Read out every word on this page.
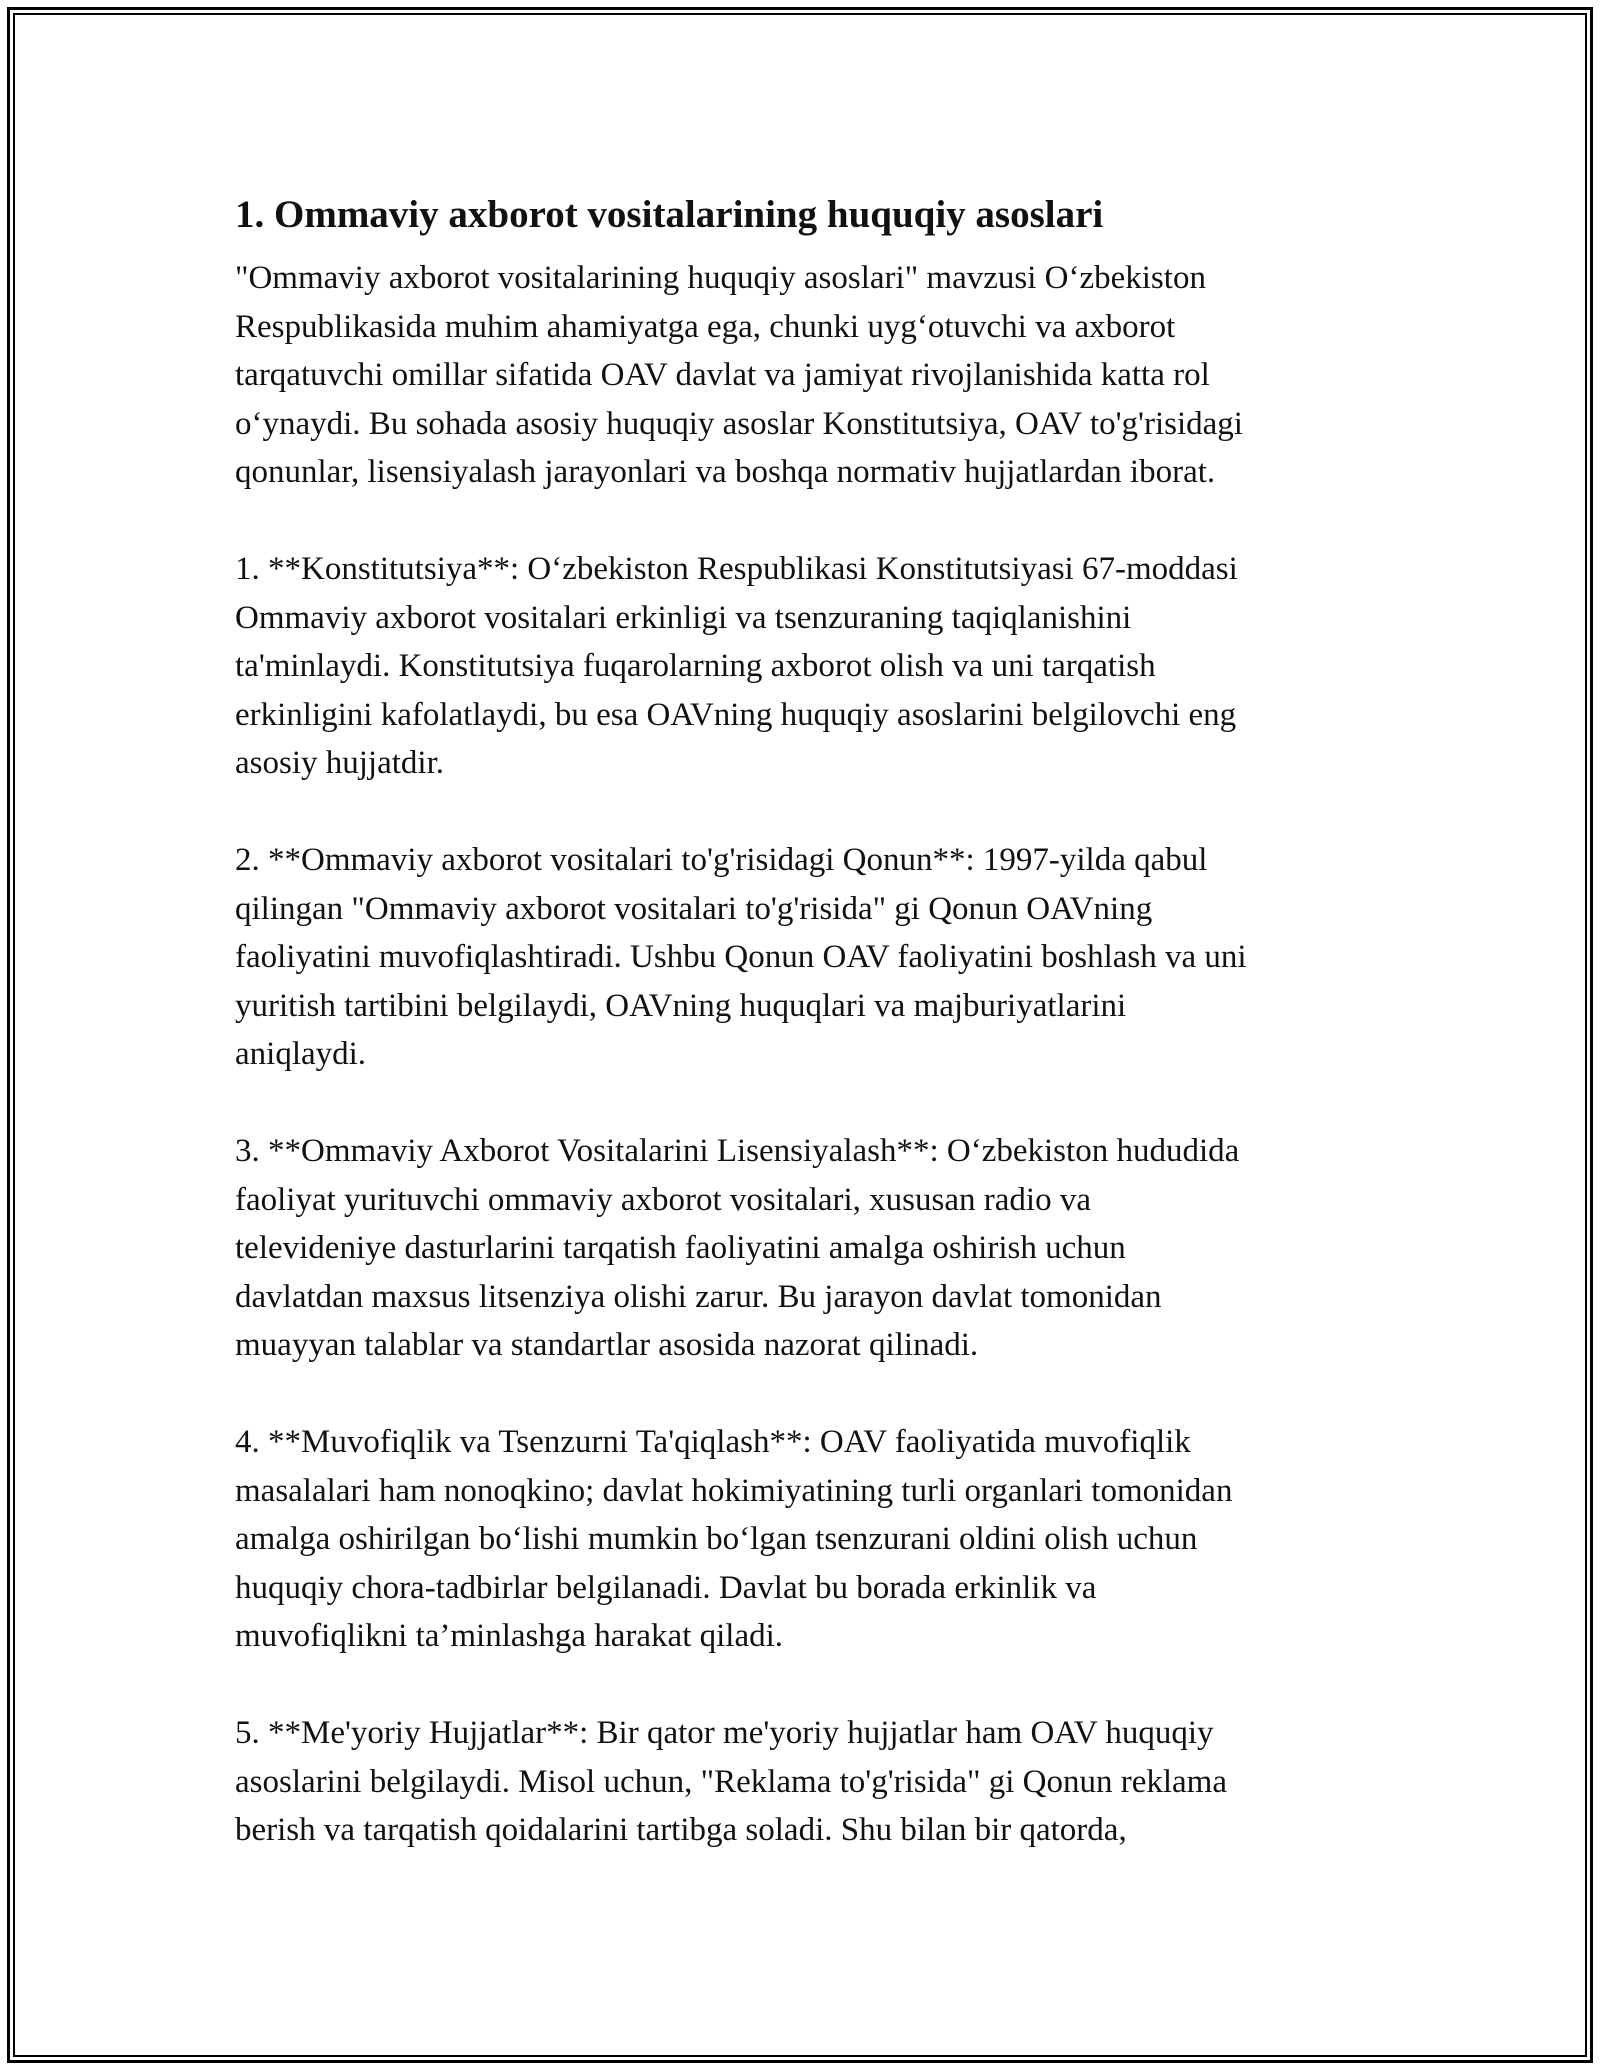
1. Ommaviy axborot vositalarining huquqiy asoslari
"Ommaviy axborot vositalarining huquqiy asoslari" mavzusi O‘zbekiston
Respublikasida muhim ahamiyatga ega, chunki uyg‘otuvchi va axborot
tarqatuvchi omillar sifatida OAV davlat va jamiyat rivojlanishida katta rol
o‘ynaydi. Bu sohada asosiy huquqiy asoslar Konstitutsiya, OAV to'g'risidagi
qonunlar, lisensiyalash jarayonlari va boshqa normativ hujjatlardan iborat.
1. **Konstitutsiya**: O‘zbekiston Respublikasi Konstitutsiyasi 67-moddasi
Ommaviy axborot vositalari erkinligi va tsenzuraning taqiqlanishini
ta'minlaydi. Konstitutsiya fuqarolarning axborot olish va uni tarqatish
erkinligini kafolatlaydi, bu esa OAVning huquqiy asoslarini belgilovchi eng
asosiy hujjatdir.
2. **Ommaviy axborot vositalari to'g'risidagi Qonun**: 1997-yilda qabul
qilingan "Ommaviy axborot vositalari to'g'risida" gi Qonun OAVning
faoliyatini muvofiqlashtiradi. Ushbu Qonun OAV faoliyatini boshlash va uni
yuritish tartibini belgilaydi, OAVning huquqlari va majburiyatlarini
aniqlaydi.
3. **Ommaviy Axborot Vositalarini Lisensiyalash**: O‘zbekiston hududida
faoliyat yurituvchi ommaviy axborot vositalari, xususan radio va
televideniye dasturlarini tarqatish faoliyatini amalga oshirish uchun
davlatdan maxsus litsenziya olishi zarur. Bu jarayon davlat tomonidan
muayyan talablar va standartlar asosida nazorat qilinadi.
4. **Muvofiqlik va Tsenzurni Ta'qiqlash**: OAV faoliyatida muvofiqlik
masalalari ham nonoqkino; davlat hokimiyatining turli organlari tomonidan
amalga oshirilgan bo‘lishi mumkin bo‘lgan tsenzurani oldini olish uchun
huquqiy chora-tadbirlar belgilanadi. Davlat bu borada erkinlik va
muvofiqlikni ta’minlashga harakat qiladi.
5. **Me'yoriy Hujjatlar**: Bir qator me'yoriy hujjatlar ham OAV huquqiy
asoslarini belgilaydi. Misol uchun, "Reklama to'g'risida" gi Qonun reklama
berish va tarqatish qoidalarini tartibga soladi. Shu bilan bir qatorda,
